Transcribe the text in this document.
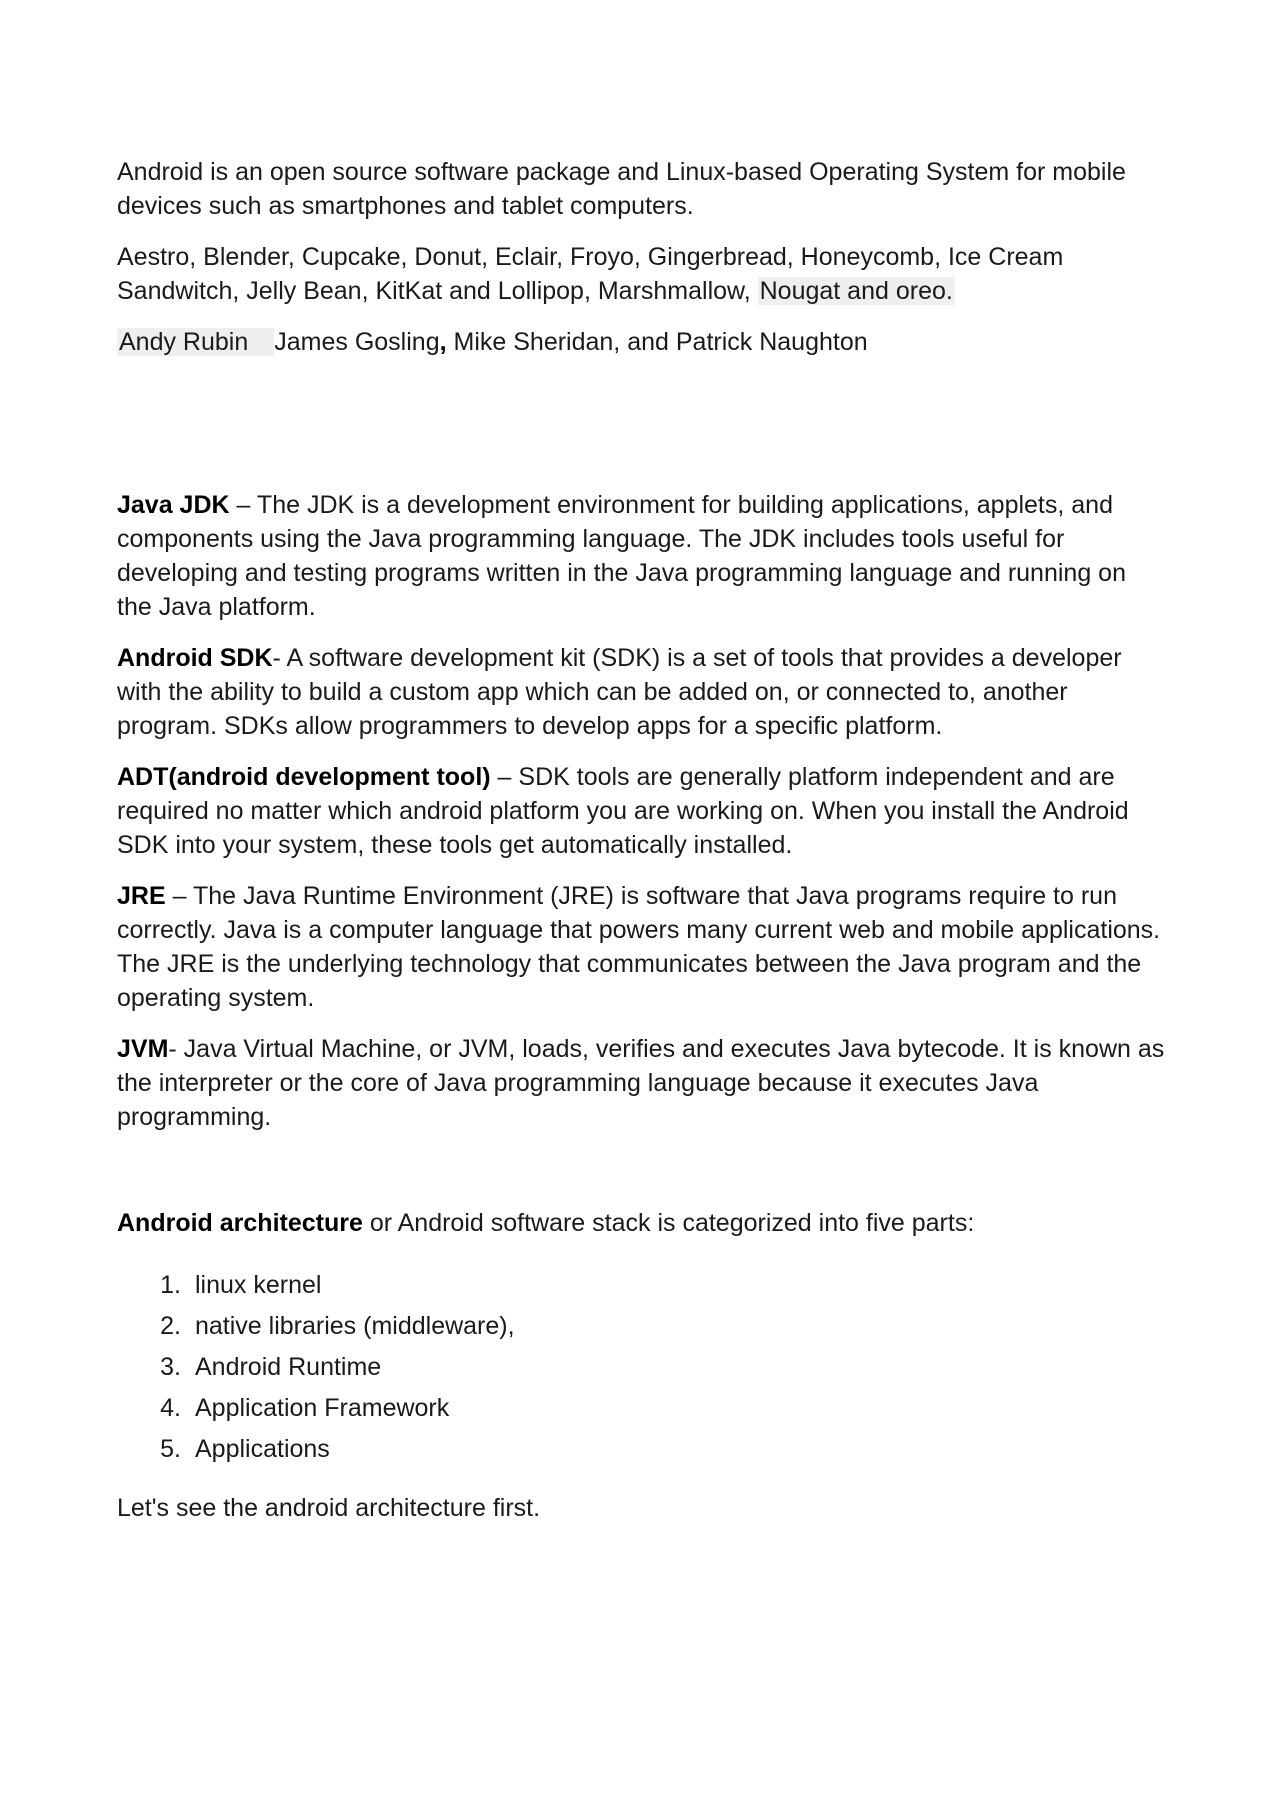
Android is an open source software package and Linux-based Operating System for mobile devices such as smartphones and tablet computers.

Aestro, Blender, Cupcake, Donut, Eclair, Froyo, Gingerbread, Honeycomb, Ice Cream Sandwitch, Jelly Bean, KitKat and Lollipop, Marshmallow, Nougat and oreo.

Andy Rubin James Gosling, Mike Sheridan, and Patrick Naughton

Java JDK – The JDK is a development environment for building applications, applets, and components using the Java programming language. The JDK includes tools useful for developing and testing programs written in the Java programming language and running on the Java platform.

Android SDK- A software development kit (SDK) is a set of tools that provides a developer with the ability to build a custom app which can be added on, or connected to, another program. SDKs allow programmers to develop apps for a specific platform.

ADT(android development tool) – SDK tools are generally platform independent and are required no matter which android platform you are working on. When you install the Android SDK into your system, these tools get automatically installed.

JRE – The Java Runtime Environment (JRE) is software that Java programs require to run correctly. Java is a computer language that powers many current web and mobile applications. The JRE is the underlying technology that communicates between the Java program and the operating system.

JVM- Java Virtual Machine, or JVM, loads, verifies and executes Java bytecode. It is known as the interpreter or the core of Java programming language because it executes Java programming.

Android architecture or Android software stack is categorized into five parts:

1. linux kernel
2. native libraries (middleware),
3. Android Runtime
4. Application Framework
5. Applications

Let's see the android architecture first.
